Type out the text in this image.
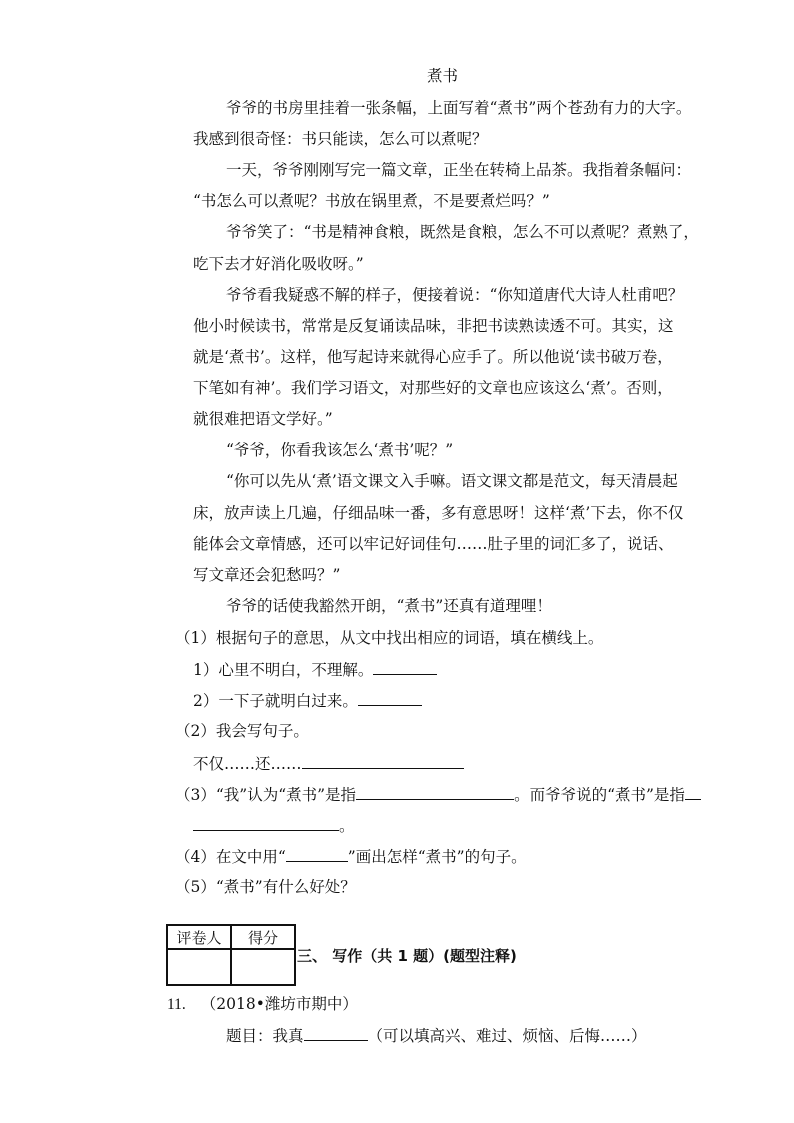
煮书
爷爷的书房里挂着一张条幅，上面写着“煮书”两个苍劲有力的大字。
我感到很奇怪：书只能读，怎么可以煮呢？
一天，爷爷刚刚写完一篇文章，正坐在转椅上品茶。我指着条幅问：
“书怎么可以煮呢？书放在锅里煮，不是要煮烂吗？”
爷爷笑了：“书是精神食粮，既然是食粮，怎么不可以煮呢？煮熟了，
吃下去才好消化吸收呀。”
爷爷看我疑惑不解的样子，便接着说：“你知道唐代大诗人杜甫吧？
他小时候读书，常常是反复诵读品味，非把书读熟读透不可。其实，这
就是‘煮书’。这样，他写起诗来就得心应手了。所以他说‘读书破万卷，
下笔如有神’。我们学习语文，对那些好的文章也应该这么‘煮’。否则，
就很难把语文学好。”
“爷爷，你看我该怎么‘煮书’呢？”
“你可以先从‘煮’语文课文入手嘛。语文课文都是范文，每天清晨起
床，放声读上几遍，仔细品味一番，多有意思呀！这样‘煮’下去，你不仅
能体会文章情感，还可以牢记好词佳句……肚子里的词汇多了，说话、
写文章还会犯愁吗？”
爷爷的话使我豁然开朗，“煮书”还真有道理哩！
（1）根据句子的意思，从文中找出相应的词语，填在横线上。
1）心里不明白，不理解。
2）一下子就明白过来。
（2）我会写句子。
不仅……还……
（3）“我”认为“煮书”是指	。而爷爷说的“煮书”是指
。
（4）在文中用“	”画出怎样“煮书”的句子。
（5）“煮书”有什么好处？
评卷人	得分

三、 写作（共 1 题）(题型注释)
11. （2018•潍坊市期中）
题目：我真	（可以填高兴、难过、烦恼、后悔……）
